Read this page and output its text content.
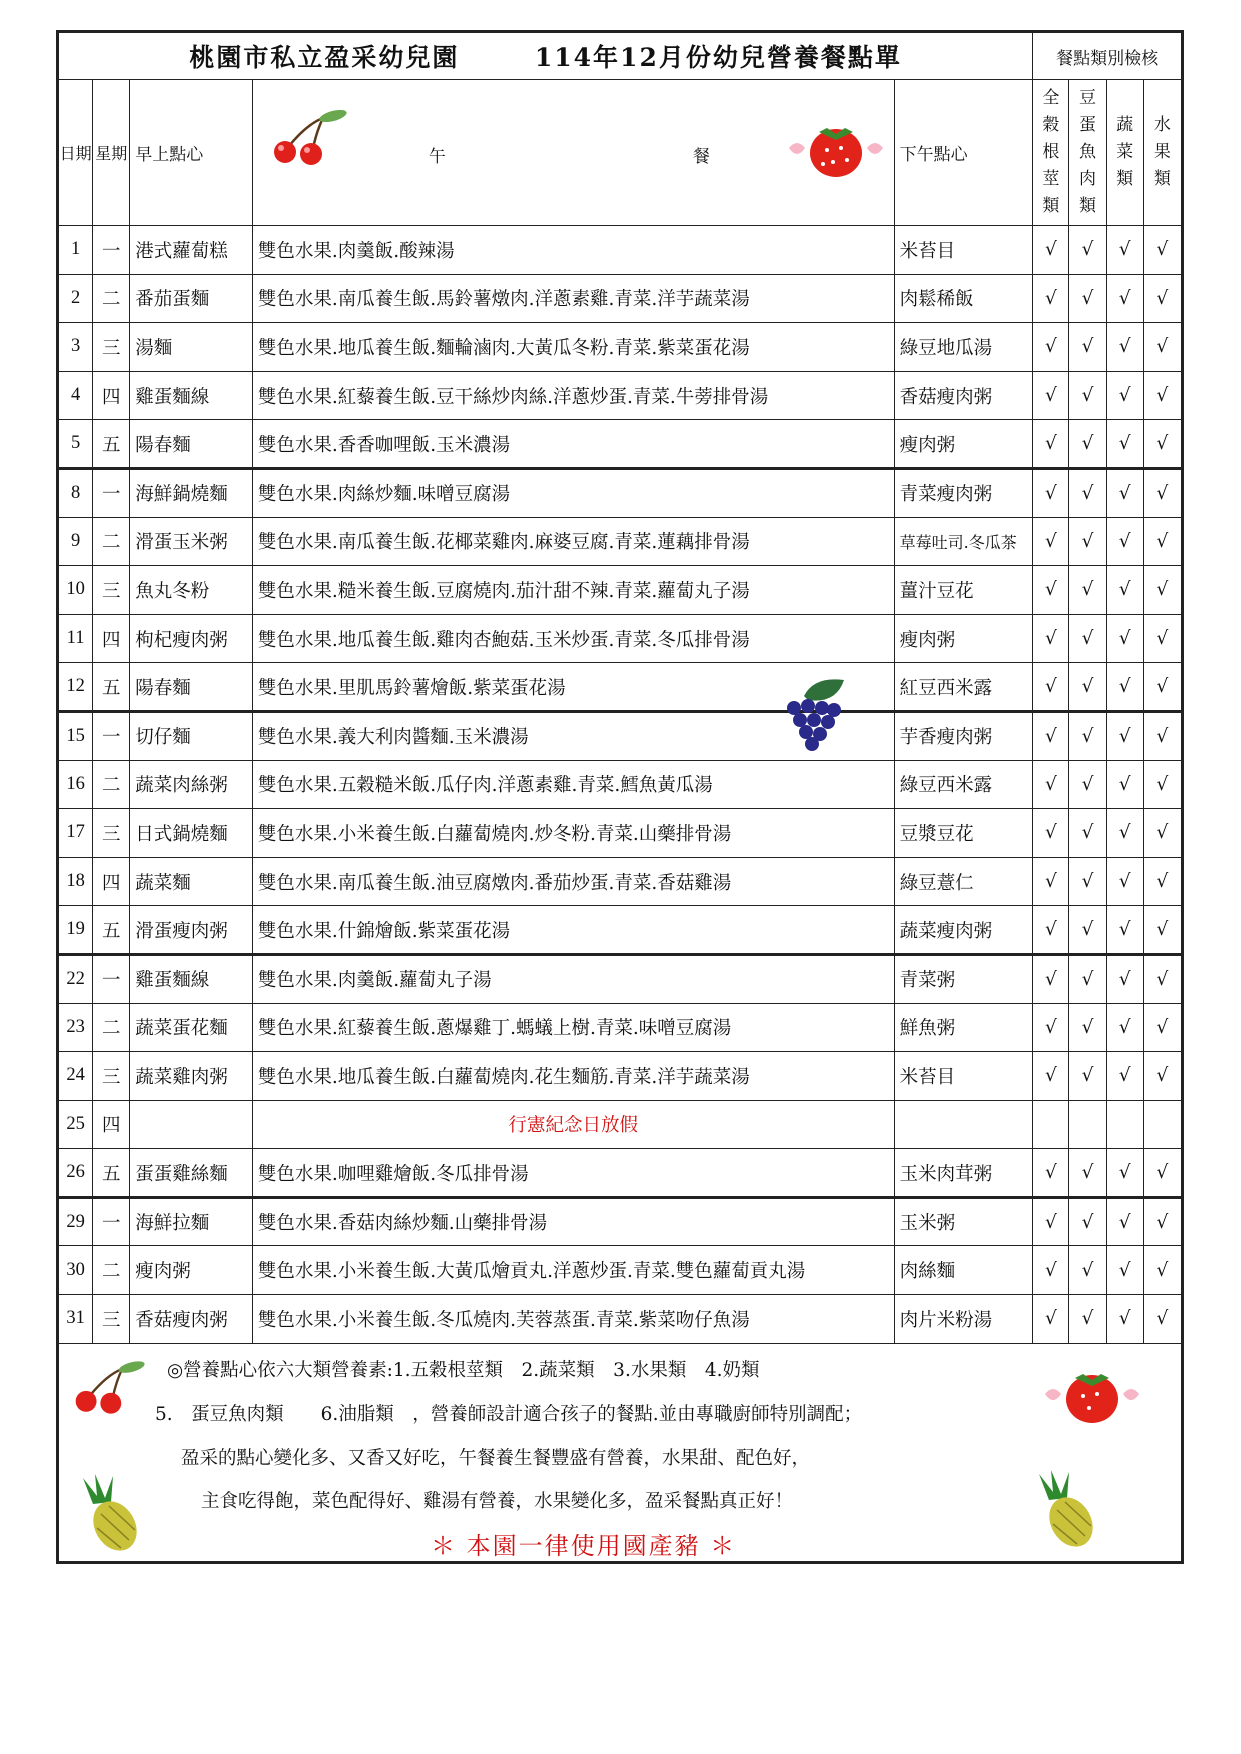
桃園市私立盈采幼兒園 114年12月份幼兒營養餐點單					餐點類別檢核			
日期	星期	早上點心	午 餐	下午點心	全穀根莖類	豆蛋魚肉類	蔬菜類	水果類

1	一	港式蘿蔔糕	雙色水果.肉羹飯.酸辣湯	米苔目	√	√	√	√
2	二	番茄蛋麵	雙色水果.南瓜養生飯.馬鈴薯燉肉.洋蔥素雞.青菜.洋芋蔬菜湯	肉鬆稀飯	√	√	√	√
3	三	湯麵	雙色水果.地瓜養生飯.麵輪滷肉.大黃瓜冬粉.青菜.紫菜蛋花湯	綠豆地瓜湯	√	√	√	√
4	四	雞蛋麵線	雙色水果.紅藜養生飯.豆干絲炒肉絲.洋蔥炒蛋.青菜.牛蒡排骨湯	香菇瘦肉粥	√	√	√	√
5	五	陽春麵	雙色水果.香香咖哩飯.玉米濃湯	瘦肉粥	√	√	√	√
8	一	海鮮鍋燒麵	雙色水果.肉絲炒麵.味噌豆腐湯	青菜瘦肉粥	√	√	√	√
9	二	滑蛋玉米粥	雙色水果.南瓜養生飯.花椰菜雞肉.麻婆豆腐.青菜.蓮藕排骨湯	草莓吐司.冬瓜茶	√	√	√	√
10	三	魚丸冬粉	雙色水果.糙米養生飯.豆腐燒肉.茄汁甜不辣.青菜.蘿蔔丸子湯	薑汁豆花	√	√	√	√
11	四	枸杞瘦肉粥	雙色水果.地瓜養生飯.雞肉杏鮑菇.玉米炒蛋.青菜.冬瓜排骨湯	瘦肉粥	√	√	√	√
12	五	陽春麵	雙色水果.里肌馬鈴薯燴飯.紫菜蛋花湯	紅豆西米露	√	√	√	√
15	一	切仔麵	雙色水果.義大利肉醬麵.玉米濃湯	芋香瘦肉粥	√	√	√	√
16	二	蔬菜肉絲粥	雙色水果.五穀糙米飯.瓜仔肉.洋蔥素雞.青菜.鱈魚黃瓜湯	綠豆西米露	√	√	√	√
17	三	日式鍋燒麵	雙色水果.小米養生飯.白蘿蔔燒肉.炒冬粉.青菜.山藥排骨湯	豆漿豆花	√	√	√	√
18	四	蔬菜麵	雙色水果.南瓜養生飯.油豆腐燉肉.番茄炒蛋.青菜.香菇雞湯	綠豆薏仁	√	√	√	√
19	五	滑蛋瘦肉粥	雙色水果.什錦燴飯.紫菜蛋花湯	蔬菜瘦肉粥	√	√	√	√
22	一	雞蛋麵線	雙色水果.肉羹飯.蘿蔔丸子湯	青菜粥	√	√	√	√
23	二	蔬菜蛋花麵	雙色水果.紅藜養生飯.蔥爆雞丁.螞蟻上樹.青菜.味噌豆腐湯	鮮魚粥	√	√	√	√
24	三	蔬菜雞肉粥	雙色水果.地瓜養生飯.白蘿蔔燒肉.花生麵筋.青菜.洋芋蔬菜湯	米苔目	√	√	√	√
25	四		行憲紀念日放假					
26	五	蛋蛋雞絲麵	雙色水果.咖哩雞燴飯.冬瓜排骨湯	玉米肉茸粥	√	√	√	√
29	一	海鮮拉麵	雙色水果.香菇肉絲炒麵.山藥排骨湯	玉米粥	√	√	√	√
30	二	瘦肉粥	雙色水果.小米養生飯.大黃瓜燴貢丸.洋蔥炒蛋.青菜.雙色蘿蔔貢丸湯	肉絲麵	√	√	√	√
31	三	香菇瘦肉粥	雙色水果.小米養生飯.冬瓜燒肉.芙蓉蒸蛋.青菜.紫菜吻仔魚湯	肉片米粉湯	√	√	√	√

◎營養點心依六大類營養素:1.五穀根莖類　2.蔬菜類　3.水果類　4.奶類
5.　蛋豆魚肉類　　6.油脂類　，營養師設計適合孩子的餐點.並由專職廚師特別調配；
盈采的點心變化多、又香又好吃，午餐養生餐豐盛有營養，水果甜、配色好，
主食吃得飽，菜色配得好、雞湯有營養，水果變化多，盈采餐點真正好！
＊ 本園一律使用國產豬 ＊								
